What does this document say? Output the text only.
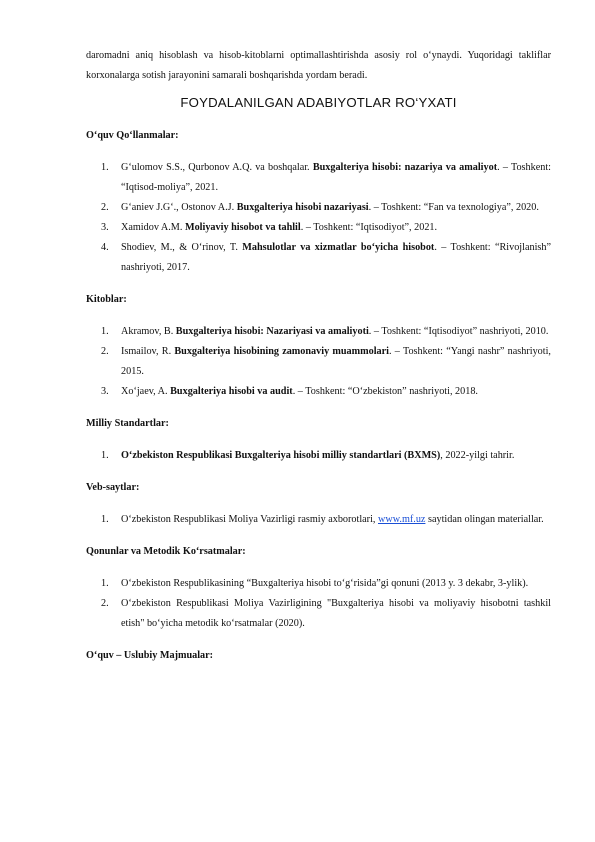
daromadni aniq hisoblash va hisob-kitoblarni optimallashtirishda asosiy rol o‘ynaydi. Yuqoridagi takliflar korxonalarga sotish jarayonini samarali boshqarishda yordam beradi.

FOYDALANILGAN ADABIYOTLAR RO‘YXATI
O‘quv Qo‘llanmalar:
1. G‘ulomov S.S., Qurbonov A.Q. va boshqalar. Buxgalteriya hisobi: nazariya va amaliyot. – Toshkent: “Iqtisod-moliya”, 2021.
2. G‘aniev J.G‘., Ostonov A.J. Buxgalteriya hisobi nazariyasi. – Toshkent: “Fan va texnologiya”, 2020.
3. Xamidov A.M. Moliyaviy hisobot va tahlil. – Toshkent: “Iqtisodiyot”, 2021.
4. Shodiev, M., & O‘rinov, T. Mahsulotlar va xizmatlar bo‘yicha hisobot. – Toshkent: “Rivojlanish” nashriyoti, 2017.
Kitoblar:
1. Akramov, B. Buxgalteriya hisobi: Nazariyasi va amaliyoti. – Toshkent: “Iqtisodiyot” nashriyoti, 2010.
2. Ismailov, R. Buxgalteriya hisobining zamonaviy muammolari. – Toshkent: “Yangi nashr” nashriyoti, 2015.
3. Xo‘jaev, A. Buxgalteriya hisobi va audit. – Toshkent: “O‘zbekiston” nashriyoti, 2018.
Milliy Standartlar:
1. O‘zbekiston Respublikasi Buxgalteriya hisobi milliy standartlari (BXMS), 2022-yilgi tahrir.
Veb-saytlar:
1. O‘zbekiston Respublikasi Moliya Vazirligi rasmiy axborotlari, www.mf.uz saytidan olingan materiallar.
Qonunlar va Metodik Ko‘rsatmalar:
1. O‘zbekiston Respublikasining “Buxgalteriya hisobi to‘g‘risida”gi qonuni (2013 y. 3 dekabr, 3-ylik).
2. O‘zbekiston Respublikasi Moliya Vazirligining "Buxgalteriya hisobi va moliyaviy hisobotni tashkil etish" bo‘yicha metodik ko‘rsatmalar (2020).
O‘quv – Uslubiy Majmualar:
